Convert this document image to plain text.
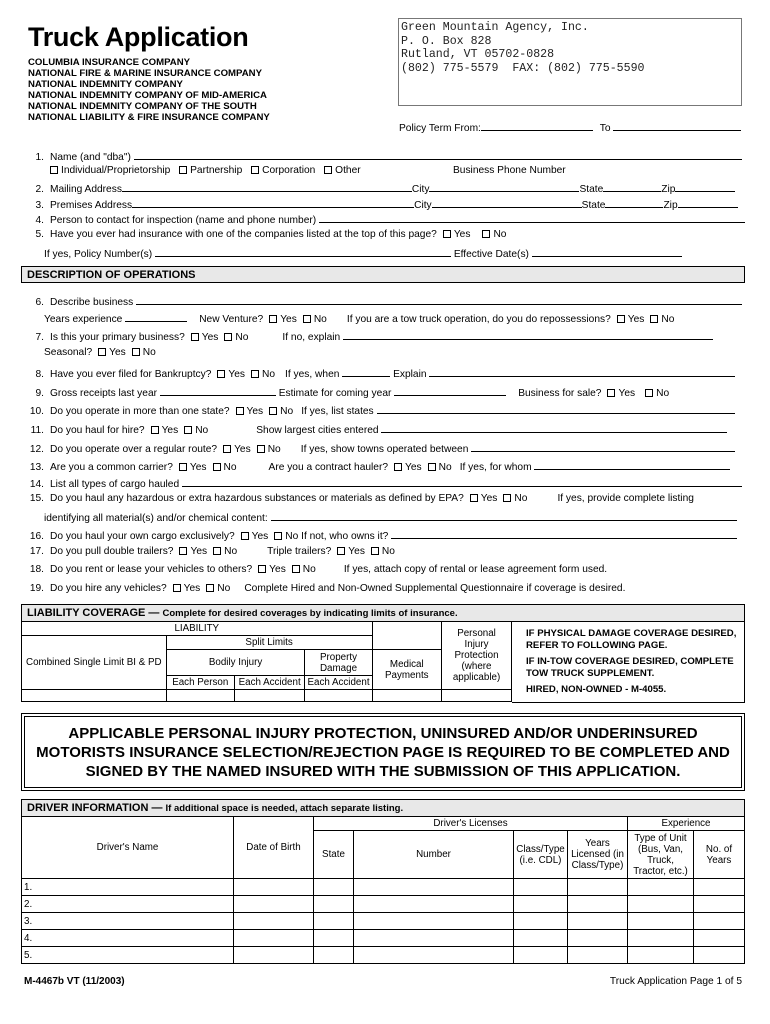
Truck Application
COLUMBIA INSURANCE COMPANY
NATIONAL FIRE & MARINE INSURANCE COMPANY
NATIONAL INDEMNITY COMPANY
NATIONAL INDEMNITY COMPANY OF MID-AMERICA
NATIONAL INDEMNITY COMPANY OF THE SOUTH
NATIONAL LIABILITY & FIRE INSURANCE COMPANY
Green Mountain Agency, Inc.
P. O. Box 828
Rutland, VT 05702-0828
(802) 775-5579  FAX: (802) 775-5590
Policy Term From:	To
1. Name (and "dba")
Individual/Proprietorship Partnership Corporation Other	Business Phone Number
2. Mailing Address	City	State	Zip
3. Premises Address	City	State	Zip
4. Person to contact for inspection (name and phone number)
5. Have you ever had insurance with one of the companies listed at the top of this page? Yes No
If yes, Policy Number(s)	Effective Date(s)
DESCRIPTION OF OPERATIONS
6. Describe business
Years experience	New Venture? Yes No If you are a tow truck operation, do you do repossessions? Yes No
7. Is this your primary business? Yes No	If no, explain
Seasonal? Yes No
8. Have you ever filed for Bankruptcy? Yes No If yes, when	Explain
9. Gross receipts last year	Estimate for coming year	Business for sale? Yes No
10. Do you operate in more than one state? Yes No If yes, list states
11. Do you haul for hire? Yes No	Show largest cities entered
12. Do you operate over a regular route? Yes No If yes, show towns operated between
13. Are you a common carrier? Yes No	Are you a contract hauler? Yes No If yes, for whom
14. List all types of cargo hauled
15. Do you haul any hazardous or extra hazardous substances or materials as defined by EPA? Yes No	If yes, provide complete listing
identifying all material(s) and/or chemical content:
16. Do you haul your own cargo exclusively? Yes No If not, who owns it?
17. Do you pull double trailers? Yes No	Triple trailers? Yes No
18. Do you rent or lease your vehicles to others? Yes No	If yes, attach copy of rental or lease agreement form used.
19. Do you hire any vehicles? Yes No Complete Hired and Non-Owned Supplemental Questionnaire if coverage is desired.
LIABILITY COVERAGE — Complete for desired coverages by indicating limits of insurance.
LIABILITY					Personal Injury Protection (where applicable)
Combined Single Limit BI & PD	Split Limits				
	Bodily Injury		Property Damage	Medical Payments	
	Each Person	Each Accident	Each Accident		

IF PHYSICAL DAMAGE COVERAGE DESIRED, REFER TO FOLLOWING PAGE.
IF IN-TOW COVERAGE DESIRED, COMPLETE TOW TRUCK SUPPLEMENT.
HIRED, NON-OWNED - M-4055.
APPLICABLE PERSONAL INJURY PROTECTION, UNINSURED AND/OR UNDERINSURED MOTORISTS INSURANCE SELECTION/REJECTION PAGE IS REQUIRED TO BE COMPLETED AND SIGNED BY THE NAMED INSURED WITH THE SUBMISSION OF THIS APPLICATION.
DRIVER INFORMATION — If additional space is needed, attach separate listing.
Driver's Name	Date of Birth	Driver's Licenses				Experience	
		State	Number	Class/Type (i.e. CDL)	Years Licensed (in Class/Type)	Type of Unit (Bus, Van, Truck, Tractor, etc.)	No. of Years
1.							
2.							
3.							
4.							
5.							
M-4467b VT (11/2003)	Truck Application Page 1 of 5
